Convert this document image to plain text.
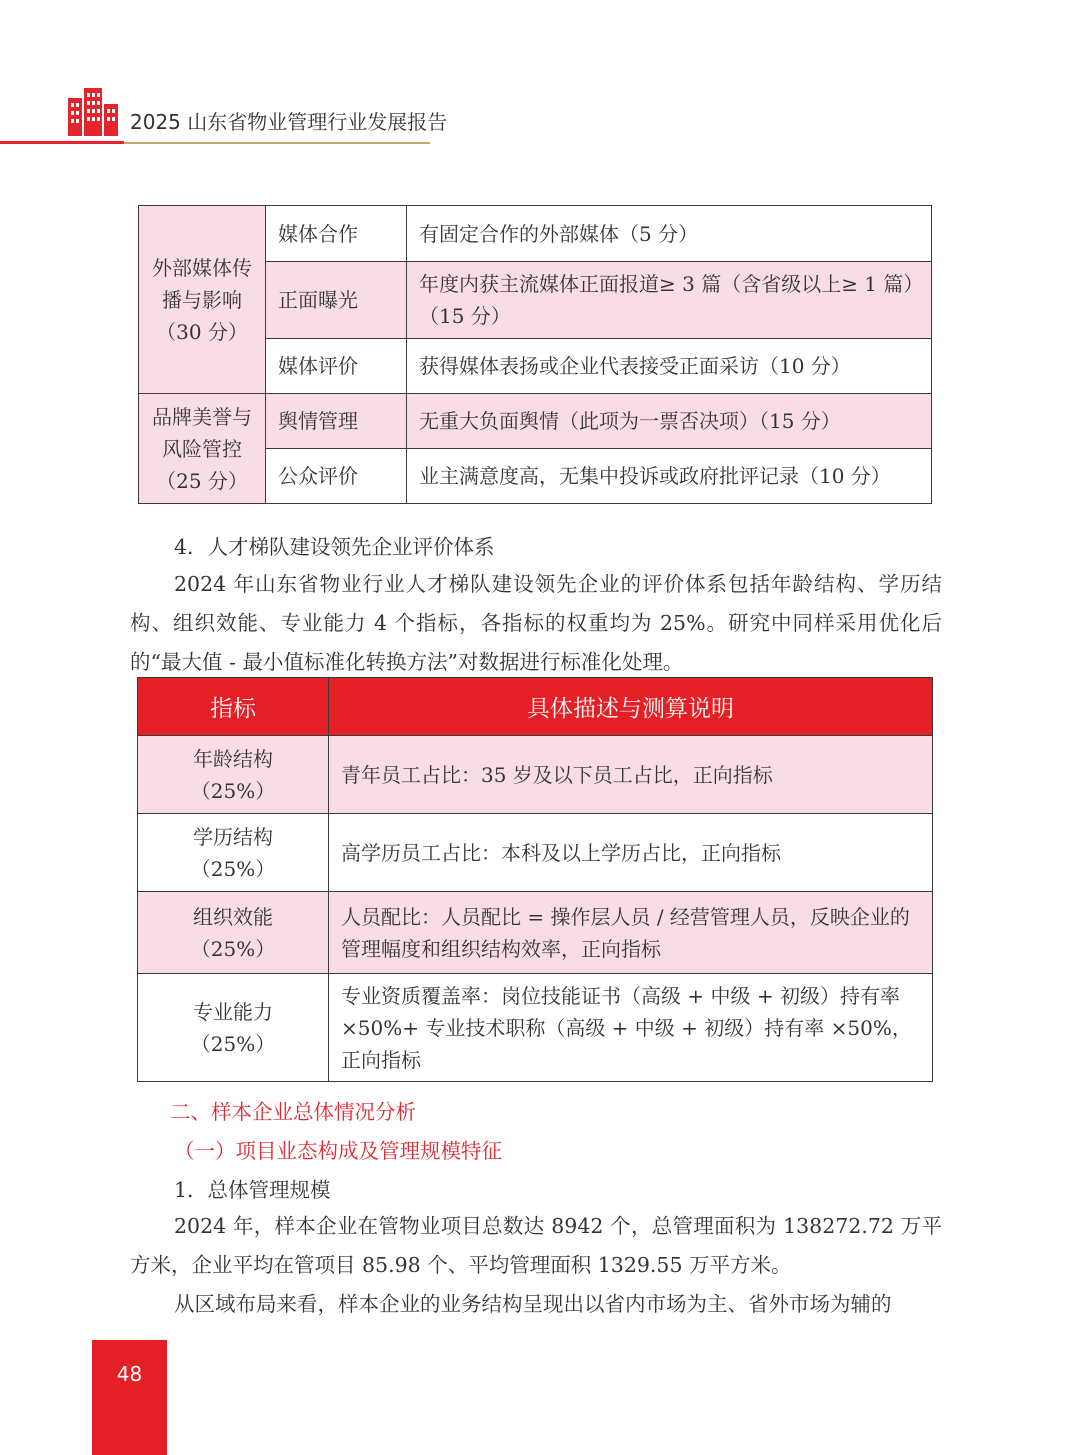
2025 山东省物业管理行业发展报告
外部媒体传播与影响（30 分）	媒体合作	有固定合作的外部媒体（5 分）
	正面曝光	年度内获主流媒体正面报道≥ 3 篇（含省级以上≥ 1 篇）（15 分）
	媒体评价	获得媒体表扬或企业代表接受正面采访（10 分）
品牌美誉与风险管控（25 分）	舆情管理	无重大负面舆情（此项为一票否决项）（15 分）
	公众评价	业主满意度高，无集中投诉或政府批评记录（10 分）
4．人才梯队建设领先企业评价体系
2024 年山东省物业行业人才梯队建设领先企业的评价体系包括年龄结构、学历结构、组织效能、专业能力 4 个指标，各指标的权重均为 25%。研究中同样采用优化后的“最大值 - 最小值标准化转换方法”对数据进行标准化处理。
指标	具体描述与测算说明
年龄结构
（25%）	青年员工占比：35 岁及以下员工占比，正向指标
学历结构
（25%）	高学历员工占比：本科及以上学历占比，正向指标
组织效能
（25%）	人员配比：人员配比 = 操作层人员 / 经营管理人员，反映企业的管理幅度和组织结构效率，正向指标
专业能力
（25%）	专业资质覆盖率：岗位技能证书（高级 + 中级 + 初级）持有率 ×50%+ 专业技术职称（高级 + 中级 + 初级）持有率 ×50%，正向指标
二、样本企业总体情况分析
（一）项目业态构成及管理规模特征
1．总体管理规模
2024 年，样本企业在管物业项目总数达 8942 个，总管理面积为 138272.72 万平方米，企业平均在管项目 85.98 个、平均管理面积 1329.55 万平方米。
从区域布局来看，样本企业的业务结构呈现出以省内市场为主、省外市场为辅的
48
